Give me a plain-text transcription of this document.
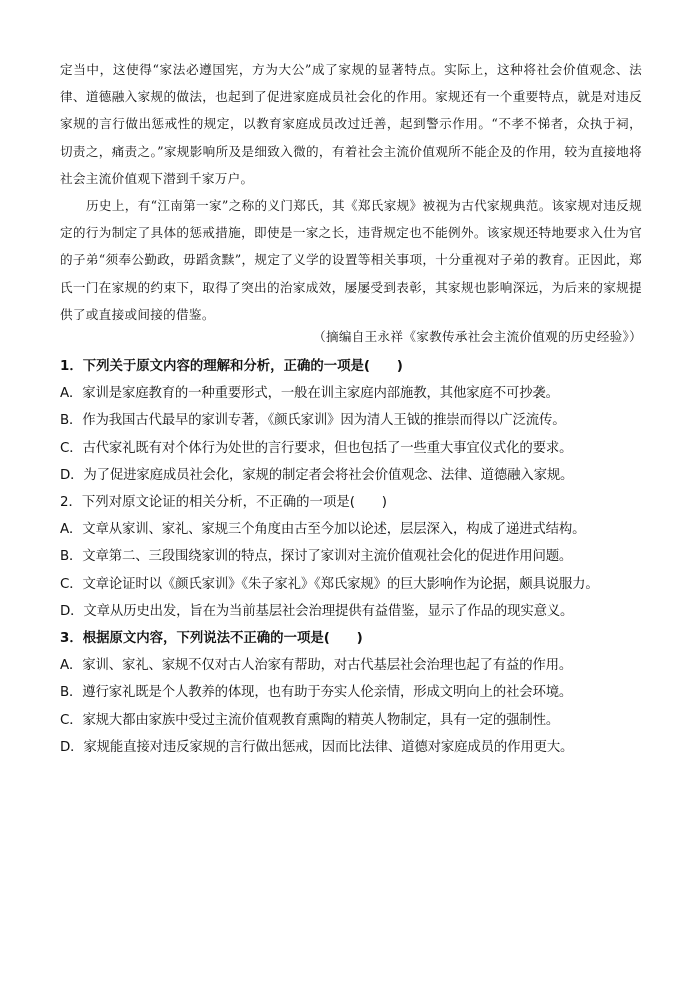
定当中，这使得“家法必遵国宪，方为大公”成了家规的显著特点。实际上，这种将社会价值观念、法律、道德融入家规的做法，也起到了促进家庭成员社会化的作用。家规还有一个重要特点，就是对违反家规的言行做出惩戒性的规定，以教育家庭成员改过迁善，起到警示作用。“不孝不悌者，众执于祠，切责之，痛责之。”家规影响所及是细致入微的，有着社会主流价值观所不能企及的作用，较为直接地将社会主流价值观下潜到千家万户。

历史上，有“江南第一家”之称的义门郑氏，其《郑氏家规》被视为古代家规典范。该家规对违反规定的行为制定了具体的惩戒措施，即使是一家之长，违背规定也不能例外。该家规还特地要求入仕为官的子弟“须奉公勤政，毋蹈贪黩”，规定了义学的设置等相关事项，十分重视对子弟的教育。正因此，郑氏一门在家规的约束下，取得了突出的治家成效，屡屡受到表彰，其家规也影响深远，为后来的家规提供了或直接或间接的借鉴。

（摘编自王永祥《家教传承社会主流价值观的历史经验》）

1．下列关于原文内容的理解和分析，正确的一项是(　　)

A．家训是家庭教育的一种重要形式，一般在训主家庭内部施教，其他家庭不可抄袭。

B．作为我国古代最早的家训专著，《颜氏家训》因为清人王钺的推崇而得以广泛流传。

C．古代家礼既有对个体行为处世的言行要求，但也包括了一些重大事宜仪式化的要求。

D．为了促进家庭成员社会化，家规的制定者会将社会价值观念、法律、道德融入家规。

2．下列对原文论证的相关分析，不正确的一项是(　　)

A．文章从家训、家礼、家规三个角度由古至今加以论述，层层深入，构成了递进式结构。

B．文章第二、三段围绕家训的特点，探讨了家训对主流价值观社会化的促进作用问题。

C．文章论证时以《颜氏家训》《朱子家礼》《郑氏家规》的巨大影响作为论据，颇具说服力。

D．文章从历史出发，旨在为当前基层社会治理提供有益借鉴，显示了作品的现实意义。

3．根据原文内容，下列说法不正确的一项是(　　)

A．家训、家礼、家规不仅对古人治家有帮助，对古代基层社会治理也起了有益的作用。

B．遵行家礼既是个人教养的体现，也有助于夯实人伦亲情，形成文明向上的社会环境。

C．家规大都由家族中受过主流价值观教育熏陶的精英人物制定，具有一定的强制性。

D．家规能直接对违反家规的言行做出惩戒，因而比法律、道德对家庭成员的作用更大。
